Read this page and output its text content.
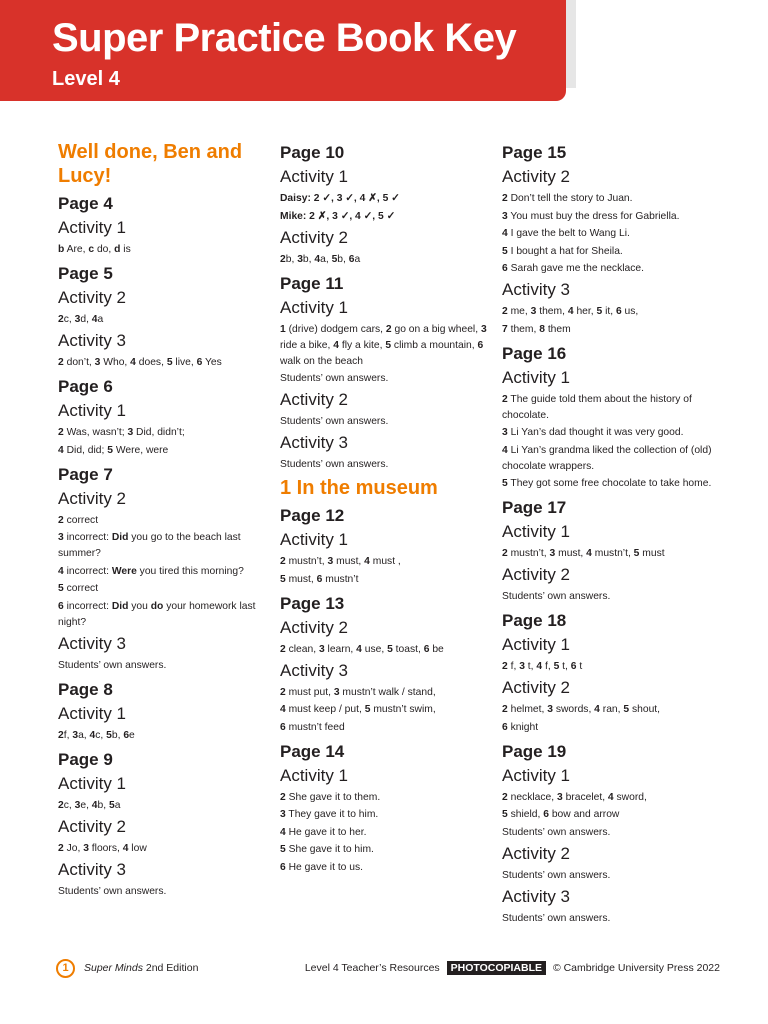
Super Practice Book Key
Level 4
Well done, Ben and Lucy!
Page 4
Activity 1
b Are, c do, d is
Page 5
Activity 2
2c, 3d, 4a
Activity 3
2 don’t, 3 Who, 4 does, 5 live, 6 Yes
Page 6
Activity 1
2 Was, wasn’t; 3 Did, didn’t;
4 Did, did; 5 Were, were
Page 7
Activity 2
2 correct
3 incorrect: Did you go to the beach last summer?
4 incorrect: Were you tired this morning?
5 correct
6 incorrect: Did you do your homework last night?
Activity 3
Students’ own answers.
Page 8
Activity 1
2f, 3a, 4c, 5b, 6e
Page 9
Activity 1
2c, 3e, 4b, 5a
Activity 2
2 Jo, 3 floors, 4 low
Activity 3
Students’ own answers.
Page 10
Activity 1
Daisy: 2 ✓, 3 ✓, 4 ✗, 5 ✓
Mike: 2 ✗, 3 ✓, 4 ✓, 5 ✓
Activity 2
2b, 3b, 4a, 5b, 6a
Page 11
Activity 1
1 (drive) dodgem cars, 2 go on a big wheel, 3 ride a bike, 4 fly a kite, 5 climb a mountain, 6 walk on the beach
Students’ own answers.
Activity 2
Students’ own answers.
Activity 3
Students’ own answers.
1 In the museum
Page 12
Activity 1
2 mustn’t, 3 must, 4 must ,
5 must, 6 mustn’t
Page 13
Activity 2
2 clean, 3 learn, 4 use, 5 toast, 6 be
Activity 3
2 must put, 3 mustn’t walk / stand,
4 must keep / put, 5 mustn’t swim,
6 mustn’t feed
Page 14
Activity 1
2 She gave it to them.
3 They gave it to him.
4 He gave it to her.
5 She gave it to him.
6 He gave it to us.
Page 15
Activity 2
2 Don’t tell the story to Juan.
3 You must buy the dress for Gabriella.
4 I gave the belt to Wang Li.
5 I bought a hat for Sheila.
6 Sarah gave me the necklace.
Activity 3
2 me, 3 them, 4 her, 5 it, 6 us,
7 them, 8 them
Page 16
Activity 1
2 The guide told them about the history of chocolate.
3 Li Yan’s dad thought it was very good.
4 Li Yan’s grandma liked the collection of (old) chocolate wrappers.
5 They got some free chocolate to take home.
Page 17
Activity 1
2 mustn’t, 3 must, 4 mustn’t, 5 must
Activity 2
Students’ own answers.
Page 18
Activity 1
2 f, 3 t, 4 f, 5 t, 6 t
Activity 2
2 helmet, 3 swords, 4 ran, 5 shout,
6 knight
Page 19
Activity 1
2 necklace, 3 bracelet, 4 sword,
5 shield, 6 bow and arrow
Students’ own answers.
Activity 2
Students’ own answers.
Activity 3
Students’ own answers.
1	Super Minds 2nd Edition	Level 4 Teacher’s Resources PHOTOCOPIABLE © Cambridge University Press 2022
